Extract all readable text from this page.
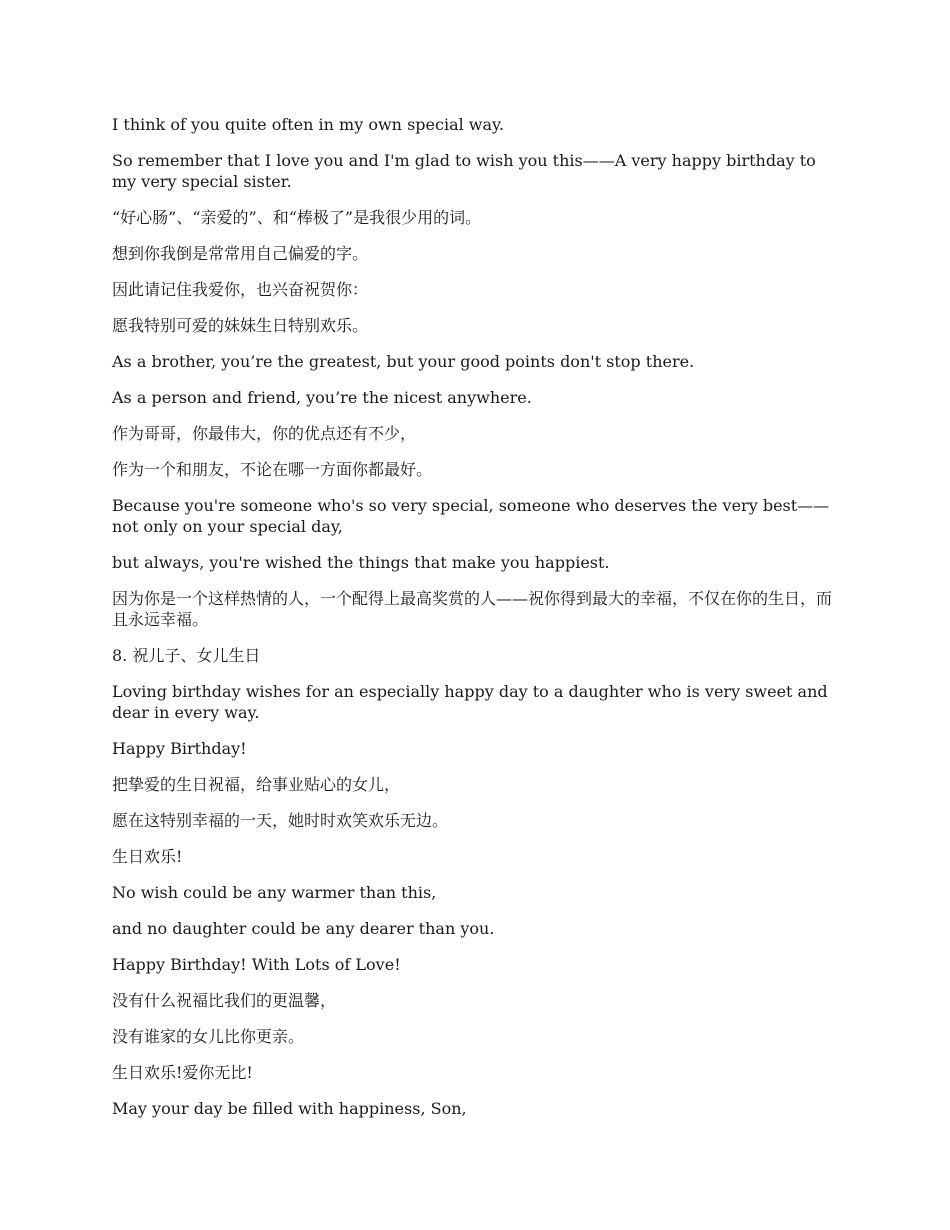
I think of you quite often in my own special way.

So remember that I love you and I'm glad to wish you this——A very happy birthday to my very special sister.

“好心肠”、“亲爱的”、和“棒极了”是我很少用的词。

想到你我倒是常常用自己偏爱的字。

因此请记住我爱你，也兴奋祝贺你：

愿我特别可爱的妹妹生日特别欢乐。

As a brother, you’re the greatest, but your good points don't stop there.

As a person and friend, you’re the nicest anywhere.

作为哥哥，你最伟大，你的优点还有不少，

作为一个和朋友，不论在哪一方面你都最好。

Because you're someone who's so very special, someone who deserves the very best——not only on your special day,

but always, you're wished the things that make you happiest.

因为你是一个这样热情的人，一个配得上最高奖赏的人——祝你得到最大的幸福，不仅在你的生日，而且永远幸福。

8. 祝儿子、女儿生日

Loving birthday wishes for an especially happy day to a daughter who is very sweet and dear in every way.

Happy Birthday!

把挚爱的生日祝福，给事业贴心的女儿，

愿在这特别幸福的一天，她时时欢笑欢乐无边。

生日欢乐!

No wish could be any warmer than this,

and no daughter could be any dearer than you.

Happy Birthday! With Lots of Love!

没有什么祝福比我们的更温馨，

没有谁家的女儿比你更亲。

生日欢乐!爱你无比!

May your day be filled with happiness, Son,
